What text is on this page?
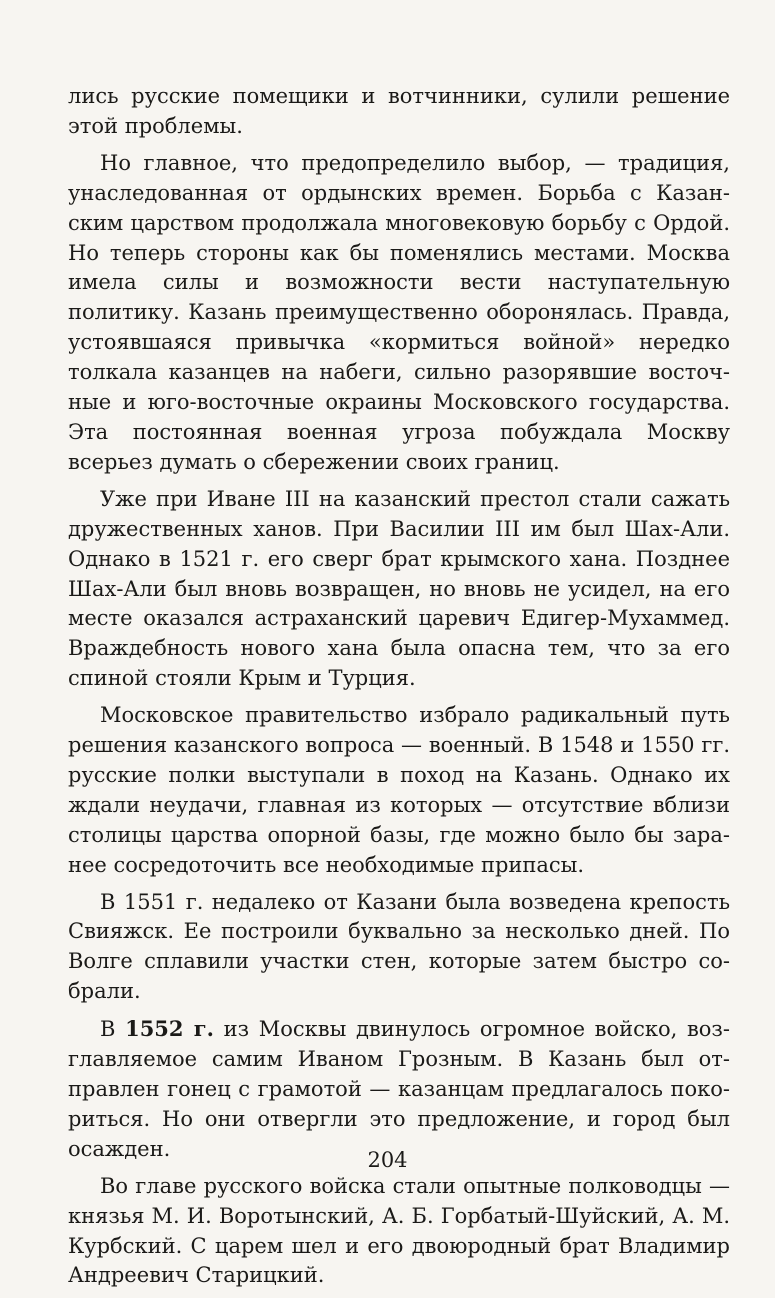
лись русские помещики и вотчинники, сулили решение этой проблемы.

Но главное, что предопределило выбор, — традиция, унаследованная от ордынских времен. Борьба с Казанским царством продолжала многовековую борьбу с Ордой. Но теперь стороны как бы поменялись местами. Москва имела силы и возможности вести наступательную политику. Казань преимущественно оборонялась. Правда, устоявшаяся привычка «кормиться войной» нередко толкала казанцев на набеги, сильно разорявшие восточные и юго-восточные окраины Московского государства. Эта постоянная военная угроза побуждала Москву всерьез думать о сбережении своих границ.

Уже при Иване III на казанский престол стали сажать дружественных ханов. При Василии III им был Шах-Али. Однако в 1521 г. его сверг брат крымского хана. Позднее Шах-Али был вновь возвращен, но вновь не усидел, на его месте оказался астраханский царевич Едигер-Мухаммед. Враждебность нового хана была опасна тем, что за его спиной стояли Крым и Турция.

Московское правительство избрало радикальный путь решения казанского вопроса — военный. В 1548 и 1550 гг. русские полки выступали в поход на Казань. Однако их ждали неудачи, главная из которых — отсутствие вблизи столицы царства опорной базы, где можно было бы заранее сосредоточить все необходимые припасы.

В 1551 г. недалеко от Казани была возведена крепость Свияжск. Ее построили буквально за несколько дней. По Волге сплавили участки стен, которые затем быстро собрали.

В 1552 г. из Москвы двинулось огромное войско, возглавляемое самим Иваном Грозным. В Казань был отправлен гонец с грамотой — казанцам предлагалось покориться. Но они отвергли это предложение, и город был осажден.

Во главе русского войска стали опытные полководцы — князья М. И. Воротынский, А. Б. Горбатый-Шуйский, А. М. Курбский. С царем шел и его двоюродный брат Владимир Андреевич Старицкий.

204
